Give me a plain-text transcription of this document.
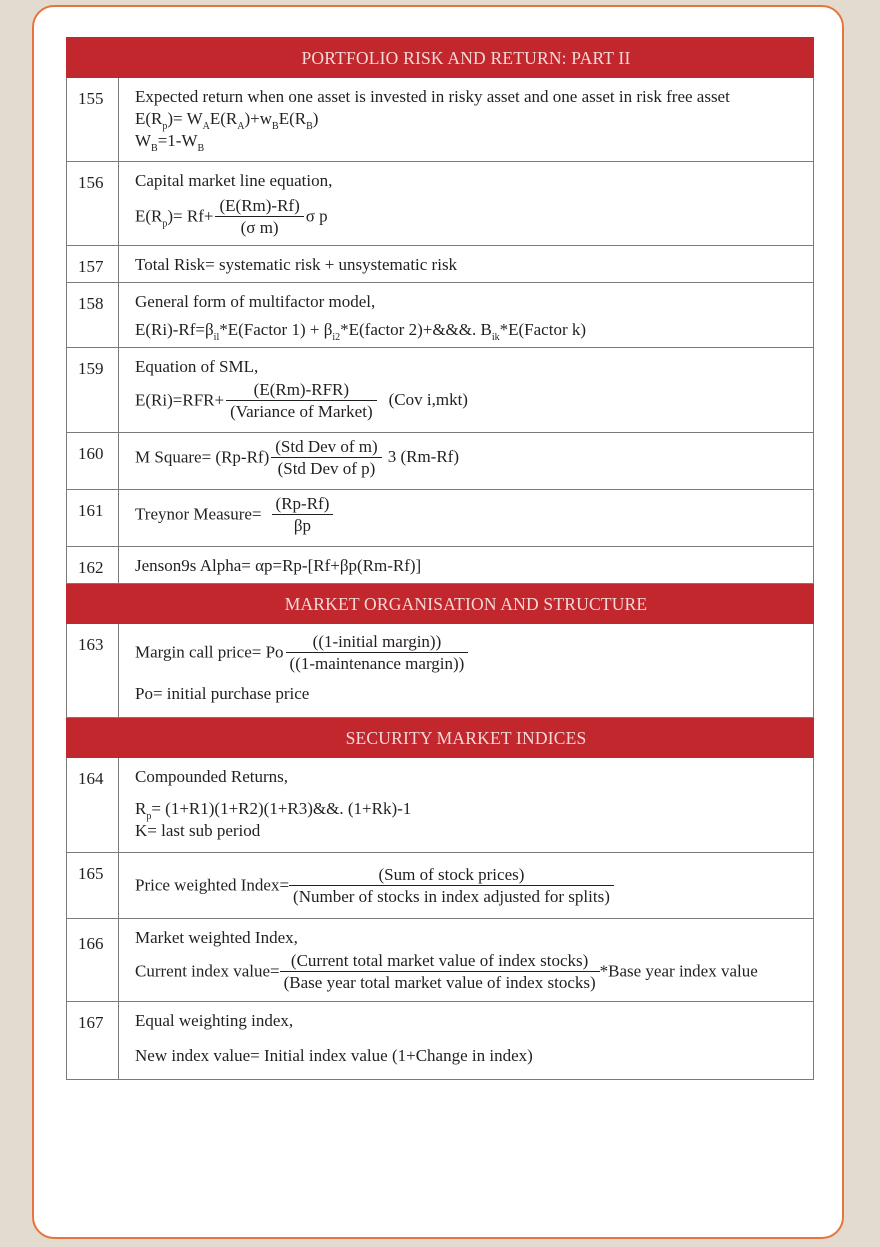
	PORTFOLIO RISK AND RETURN: PART II
155	Expected return when one asset is invested in risky asset and one asset in risk free asset
$E(R_p)= W_AE(R_A)+w_BE(R_B)$
$W_B=1-W_B$

156	Capital market line equation,
$E(R_p)= Rf+ \frac{(E(Rm)-Rf)}{\text{(σ m)}}$ σ p

157	Total Risk= systematic risk + unsystematic risk

158	General form of multifactor model,
$E(Ri)-Rf=\beta_{il}*E(Factor$ $1) + \beta_{i2}*E(factor$ 2)+&&&. $B_{ik}*E(Factor$ k)

159	Equation of SML,
$E(Ri)=RFR+ \frac{\text{(E(Rm)-RFR)}}{\text{(Variance of Market)}} (Cov$ i,mkt)

160	M Square= $(Rp-Rf) \frac{\text{(Std Dev of m)}}{\text{(Std Dev of p)}} 3$ (Rm-Rf)

161	Treynor Measure= $\frac{(Rp-Rf)}{\beta p}$

162	Jenson9s Alpha= αp=Rp-[Rf+βp(Rm-Rf)]

	MARKET ORGANISATION AND STRUCTURE
163	Margin call price= Po $\frac{\text{((1-initial margin))}}{\text{((1-maintenance margin))}}$
Po= initial purchase price

	SECURITY MARKET INDICES
164	Compounded Returns,
$R_p=$ (1+R1)(1+R2)(1+R3)&&. (1+Rk)-1
K= last sub period

165	Price weighted Index= $\frac{\text{(Sum of stock prices)}}{\text{(Number of stocks in index adjusted for splits)}}$

166	Market weighted Index,
Current index value= $\frac{\text{(Current total market value of index stocks)}}{\text{(Base year total market value of index stocks)}}$ *Base year index value

167	Equal weighting index,
New index value= Initial index value (1+Change in index)
